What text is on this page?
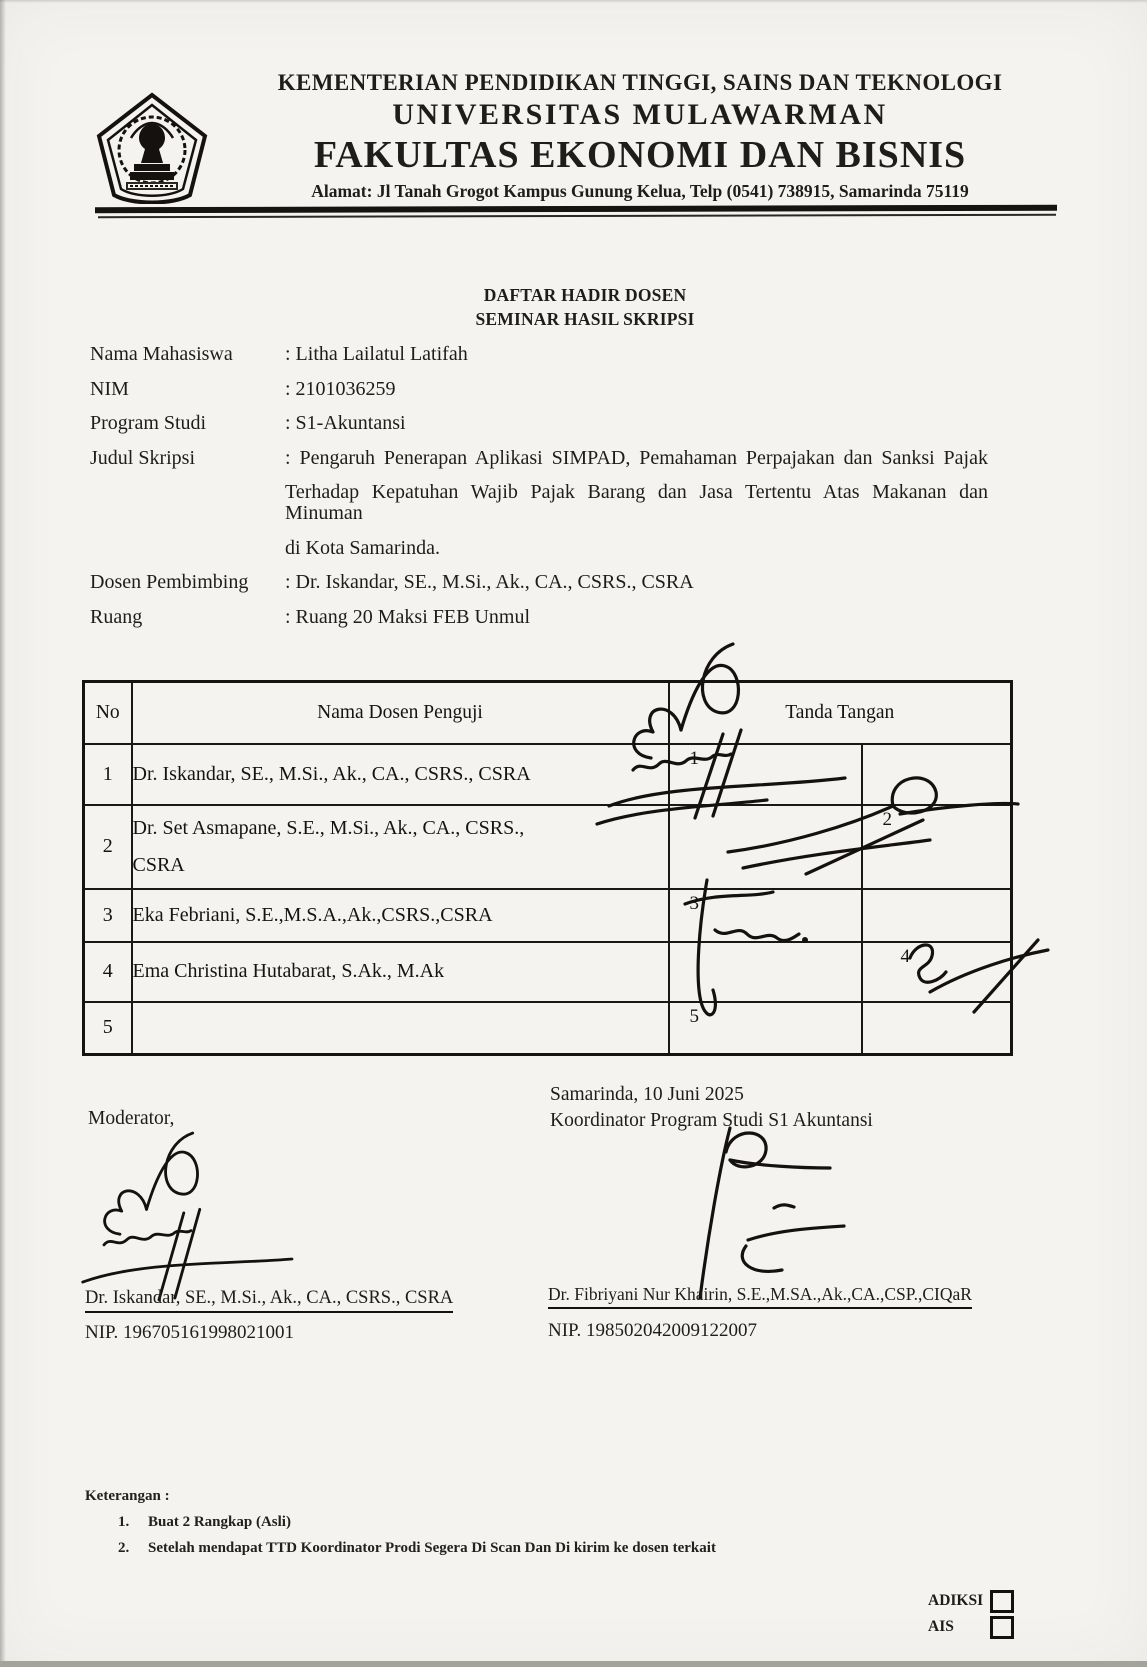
KEMENTERIAN PENDIDIKAN TINGGI, SAINS DAN TEKNOLOGI
UNIVERSITAS MULAWARMAN
FAKULTAS EKONOMI DAN BISNIS
Alamat: Jl Tanah Grogot Kampus Gunung Kelua, Telp (0541) 738915, Samarinda 75119
DAFTAR HADIR DOSEN
SEMINAR HASIL SKRIPSI
Nama Mahasiswa	: Litha Lailatul Latifah
NIM	: 2101036259
Program Studi	: S1-Akuntansi
Judul Skripsi	: Pengaruh Penerapan Aplikasi SIMPAD, Pemahaman Perpajakan dan Sanksi Pajak
Terhadap Kepatuhan Wajib Pajak Barang dan Jasa Tertentu Atas Makanan dan Minuman
di Kota Samarinda.
Dosen Pembimbing	: Dr. Iskandar, SE., M.Si., Ak., CA., CSRS., CSRA
Ruang	: Ruang 20 Maksi FEB Unmul
No	Nama Dosen Penguji	Tanda Tangan	
1	Dr. Iskandar, SE., M.Si., Ak., CA., CSRS., CSRA	1	

2	Dr. Set Asmapane, S.E., M.Si., Ak., CA., CSRS.,
CSRA		2

3	Eka Febriani, S.E.,M.S.A.,Ak.,CSRS.,CSRA	3	

4	Ema Christina Hutabarat, S.Ak., M.Ak		4

5		5	

Samarinda, 10 Juni 2025
Koordinator Program Studi S1 Akuntansi
Moderator,
Dr. Iskandar, SE., M.Si., Ak., CA., CSRS., CSRA
NIP. 196705161998021001
Dr. Fibriyani Nur Khairin, S.E.,M.SA.,Ak.,CA.,CSP.,CIQaR
NIP. 198502042009122007
Keterangan :
1.	Buat 2 Rangkap (Asli)
2.	Setelah mendapat TTD Koordinator Prodi Segera Di Scan Dan Di kirim ke dosen terkait
ADIKSI
AIS
